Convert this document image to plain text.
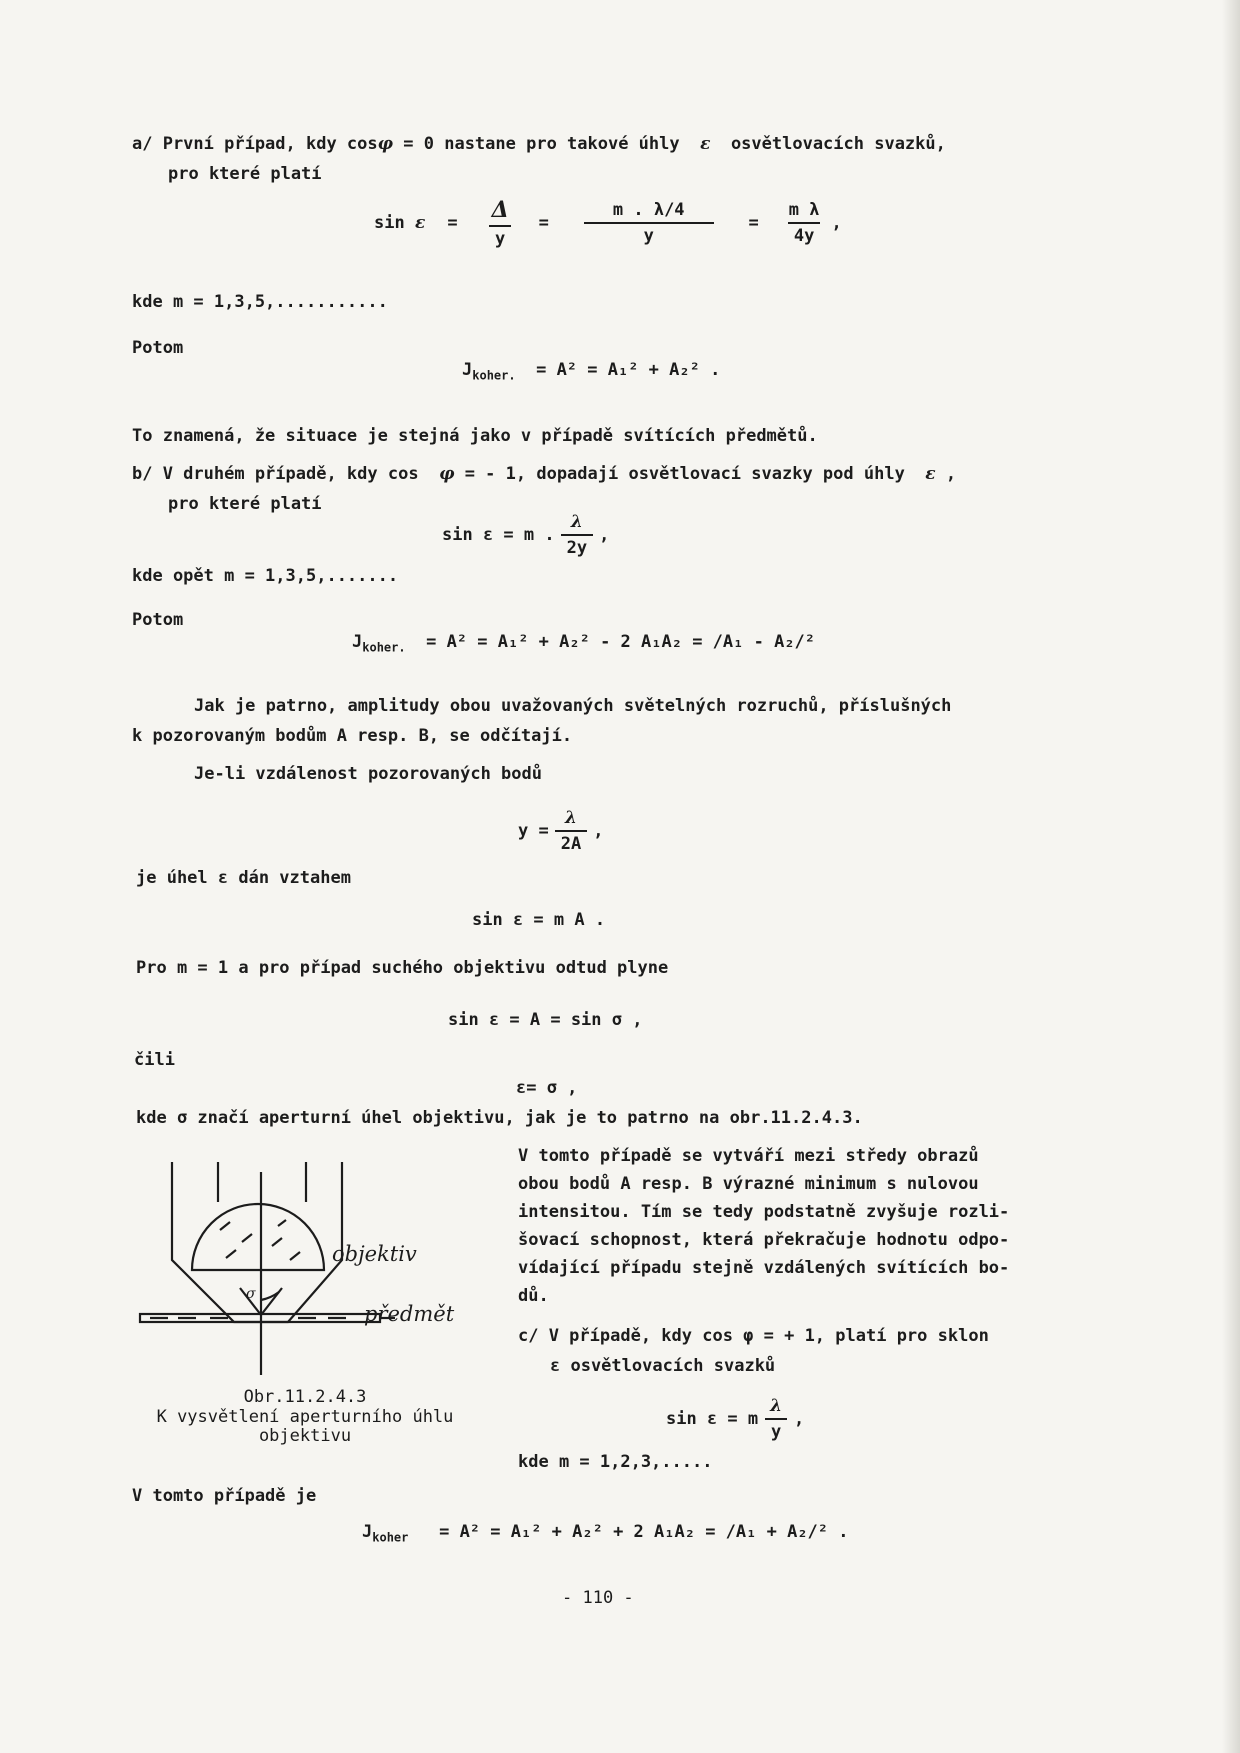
a/ První případ, kdy cosφ = 0 nastane pro takové úhly ε osvětlovacích svazků,
pro které platí
sin
$\varepsilon = \frac{\Delta}{y} = \frac{m . \lambda/4}{y} = \frac{\text{m λ}}{4y}$ ,
kde m = 1,3,5,...........
Potom
$J_{koher.} = A^2 = A_1^2 + A_2^2$ .
To znamená, že situace je stejná jako v případě svítících předmětů.
b/ V druhém případě, kdy cos φ = - 1, dopadají osvětlovací svazky pod úhly ε ,
pro které platí
sin ε = m . $\frac{\lambda}{2y}$ ,
kde opět m = 1,3,5,.......
Potom
$J_{koher.} = A^2 = A_1^2 + A_2^2 - 2$ A₁A₂ = /A₁ - A₂/²
Jak je patrno, amplitudy obou uvažovaných světelných rozruchů, příslušných
k pozorovaným bodům A resp. B, se odčítají.
Je-li vzdálenost pozorovaných bodů
$y = \frac{\lambda}{2A}$ ,
je úhel ε dán vztahem
sin ε = m A .
Pro m = 1 a pro případ suchého objektivu odtud plyne
sin ε = A = sin σ ,
čili
ε= σ ,
kde σ značí aperturní úhel objektivu, jak je to patrno na obr.11.2.4.3.
V tomto případě se vytváří mezi středy obrazů
obou bodů A resp. B výrazné minimum s nulovou
intensitou. Tím se tedy podstatně zvyšuje rozli-
šovací schopnost, která překračuje hodnotu odpo-
vídající případu stejně vzdálených svítících bo-
dů.
c/ V případě, kdy cos φ = + 1, platí pro sklon
ε osvětlovacích svazků
sin ε = m $\frac{\lambda}{y}$ ,
kde m = 1,2,3,.....
objektiv
předmět
σ
Obr.11.2.4.3
K vysvětlení aperturního úhlu
objektivu
V tomto případě je
$J_{koher} = A^2 = A_1^2 + A_2^2 + 2$ A₁A₂ = /A₁ + A₂/² .
- 110 -
